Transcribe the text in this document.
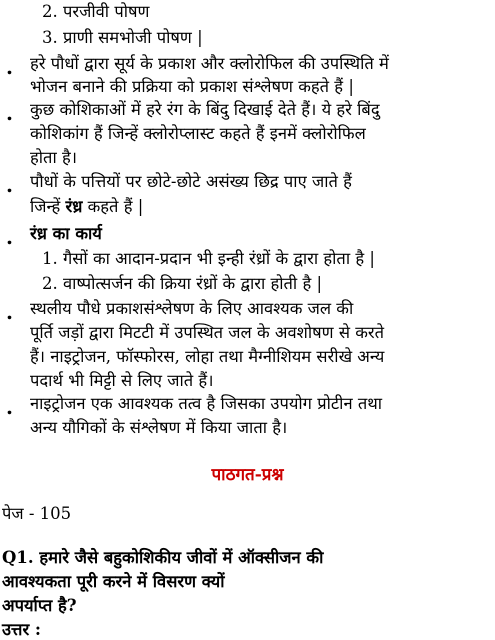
2. परजीवी पोषण
3. प्राणी समभोजी पोषण |
. हरे पौधों द्वारा सूर्य के प्रकाश और क्लोरोफिल की उपस्थिति में
भोजन बनाने की प्रक्रिया को प्रकाश संश्लेषण कहते हैं |
. कुछ कोशिकाओं में हरे रंग के बिंदु दिखाई देते हैं। ये हरे बिंदु
कोशिकांग हैं जिन्हें क्लोरोप्लास्ट कहते हैं इनमें क्लोरोफिल
होता है।
. पौधों के पत्तियों पर छोटे-छोटे असंख्य छिद्र पाए जाते हैं
जिन्हें रंध्र कहते हैं |
. रंध्र का कार्य
1. गैसों का आदान-प्रदान भी इन्ही रंध्रों के द्वारा होता है |
2. वाष्पोत्सर्जन की क्रिया रंध्रों के द्वारा होती है |
. स्थलीय पौधे प्रकाशसंश्लेषण के लिए आवश्यक जल की
पूर्ति जड़ों द्वारा मिटटी में उपस्थित जल के अवशोषण से करते
हैं। नाइट्रोजन, फॉस्फोरस, लोहा तथा मैग्नीशियम सरीखे अन्य
पदार्थ भी मिट्टी से लिए जाते हैं।
. नाइट्रोजन एक आवश्यक तत्व है जिसका उपयोग प्रोटीन तथा
अन्य यौगिकों के संश्लेषण में किया जाता है।
पाठगत-प्रश्न
पेज - 105
Q1. हमारे जैसे बहुकोशिकीय जीवों में ऑक्सीजन की
आवश्यकता पूरी करने में विसरण क्यों
अपर्याप्त है?
उत्तर :
